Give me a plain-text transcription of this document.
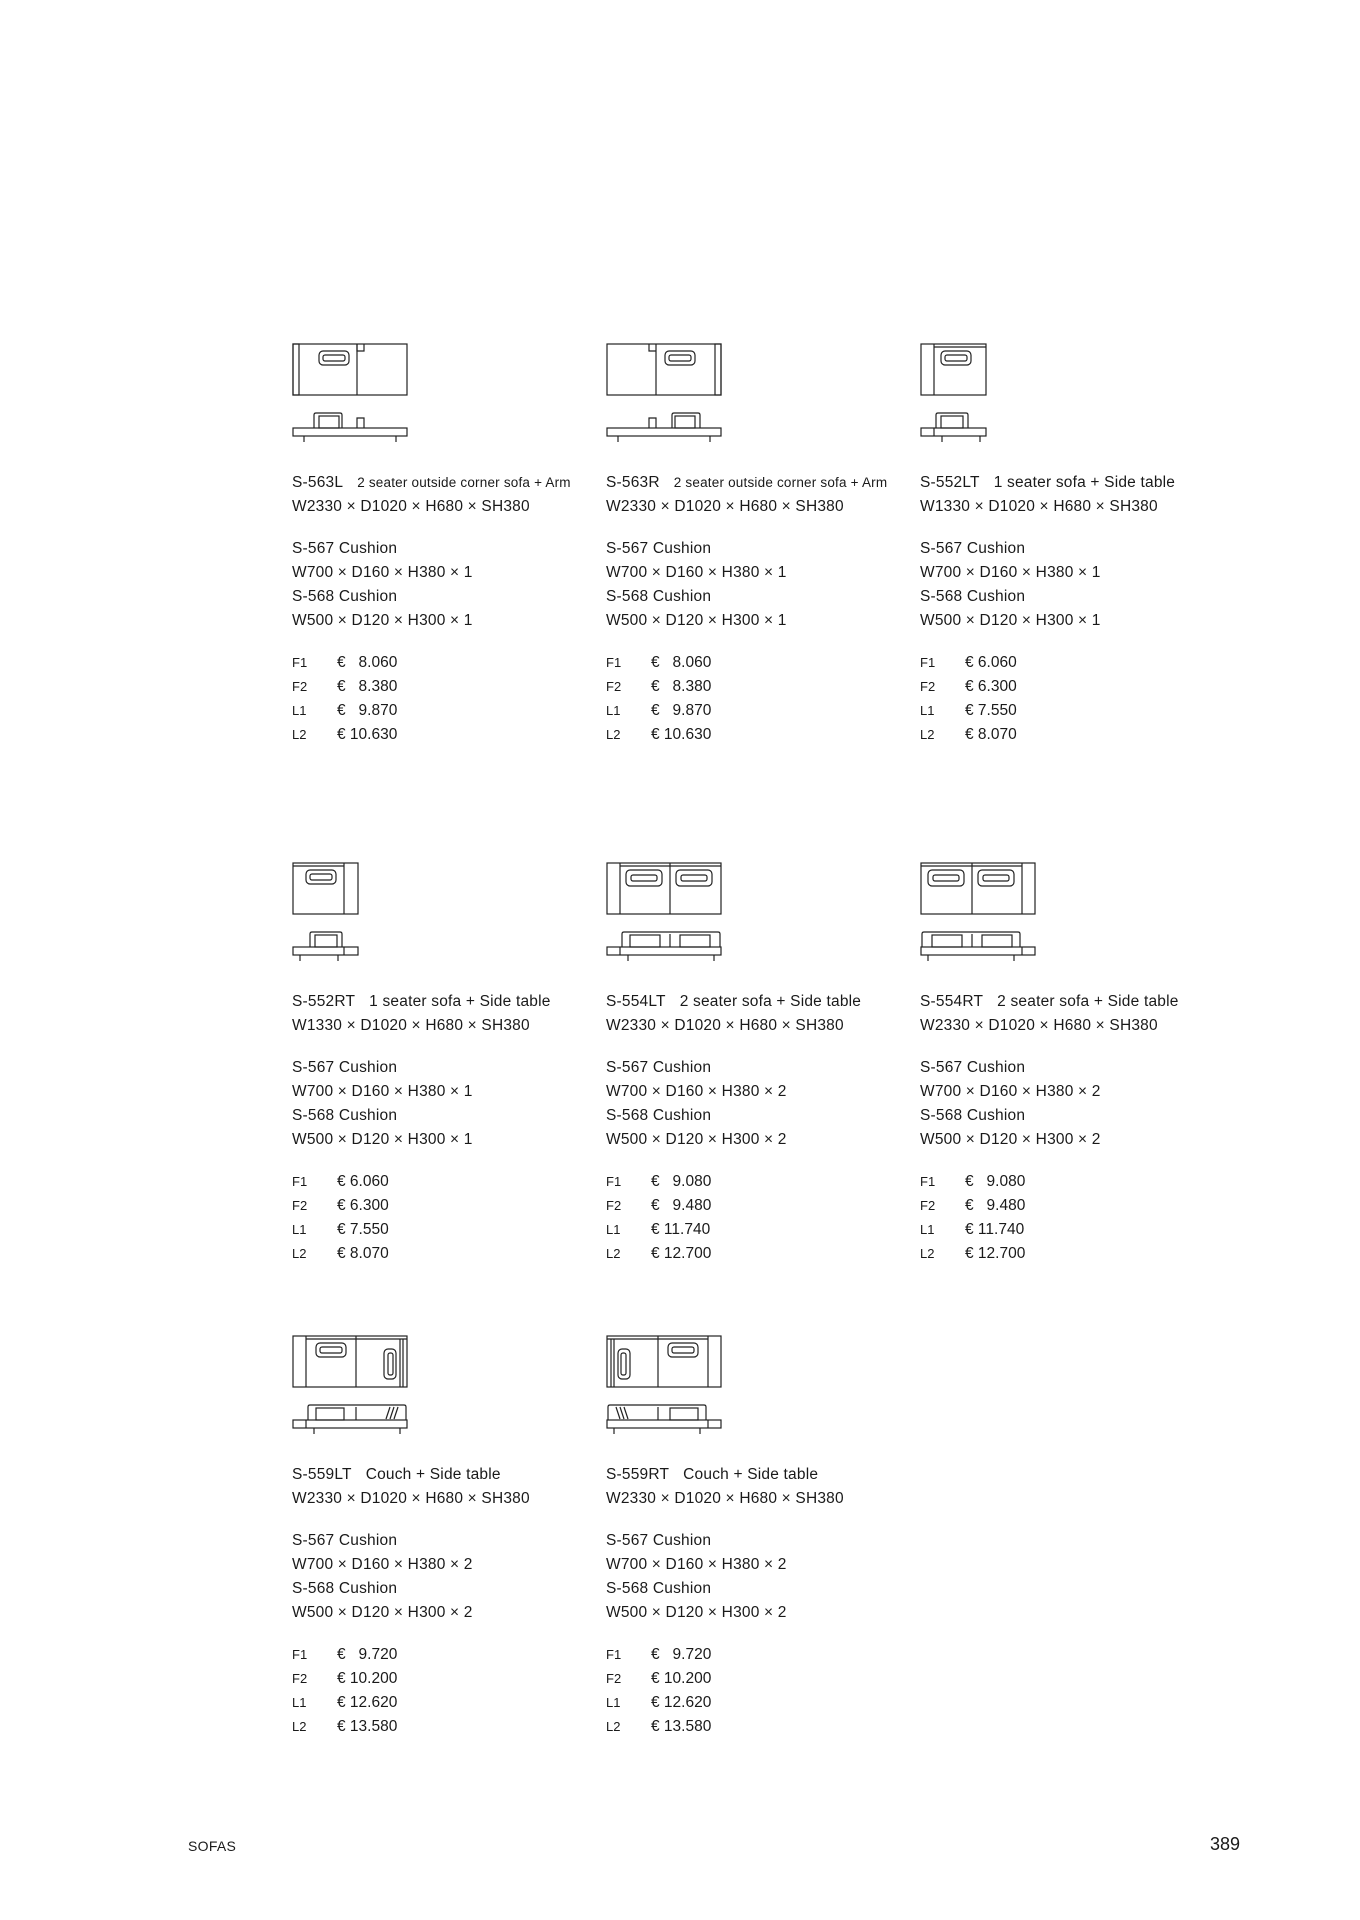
S-563L 2 seater outside corner sofa + Arm
W2330 × D1020 × H680 × SH380
S-567 Cushion
W700 × D160 × H380 × 1
S-568 Cushion
W500 × D120 × H300 × 1
F1	€   8.060
F2	€   8.380
L1	€   9.870
L2	€ 10.630
S-563R 2 seater outside corner sofa + Arm
W2330 × D1020 × H680 × SH380
S-567 Cushion
W700 × D160 × H380 × 1
S-568 Cushion
W500 × D120 × H300 × 1
F1	€   8.060
F2	€   8.380
L1	€   9.870
L2	€ 10.630
S-552LT 1 seater sofa + Side table
W1330 × D1020 × H680 × SH380
S-567 Cushion
W700 × D160 × H380 × 1
S-568 Cushion
W500 × D120 × H300 × 1
F1	€ 6.060
F2	€ 6.300
L1	€ 7.550
L2	€ 8.070
S-552RT 1 seater sofa + Side table
W1330 × D1020 × H680 × SH380
S-567 Cushion
W700 × D160 × H380 × 1
S-568 Cushion
W500 × D120 × H300 × 1
F1	€ 6.060
F2	€ 6.300
L1	€ 7.550
L2	€ 8.070
S-554LT 2 seater sofa + Side table
W2330 × D1020 × H680 × SH380
S-567 Cushion
W700 × D160 × H380 × 2
S-568 Cushion
W500 × D120 × H300 × 2
F1	€   9.080
F2	€   9.480
L1	€ 11.740
L2	€ 12.700
S-554RT 2 seater sofa + Side table
W2330 × D1020 × H680 × SH380
S-567 Cushion
W700 × D160 × H380 × 2
S-568 Cushion
W500 × D120 × H300 × 2
F1	€   9.080
F2	€   9.480
L1	€ 11.740
L2	€ 12.700
S-559LT Couch + Side table
W2330 × D1020 × H680 × SH380
S-567 Cushion
W700 × D160 × H380 × 2
S-568 Cushion
W500 × D120 × H300 × 2
F1	€   9.720
F2	€ 10.200
L1	€ 12.620
L2	€ 13.580
S-559RT Couch + Side table
W2330 × D1020 × H680 × SH380
S-567 Cushion
W700 × D160 × H380 × 2
S-568 Cushion
W500 × D120 × H300 × 2
F1	€   9.720
F2	€ 10.200
L1	€ 12.620
L2	€ 13.580
SOFAS	389
